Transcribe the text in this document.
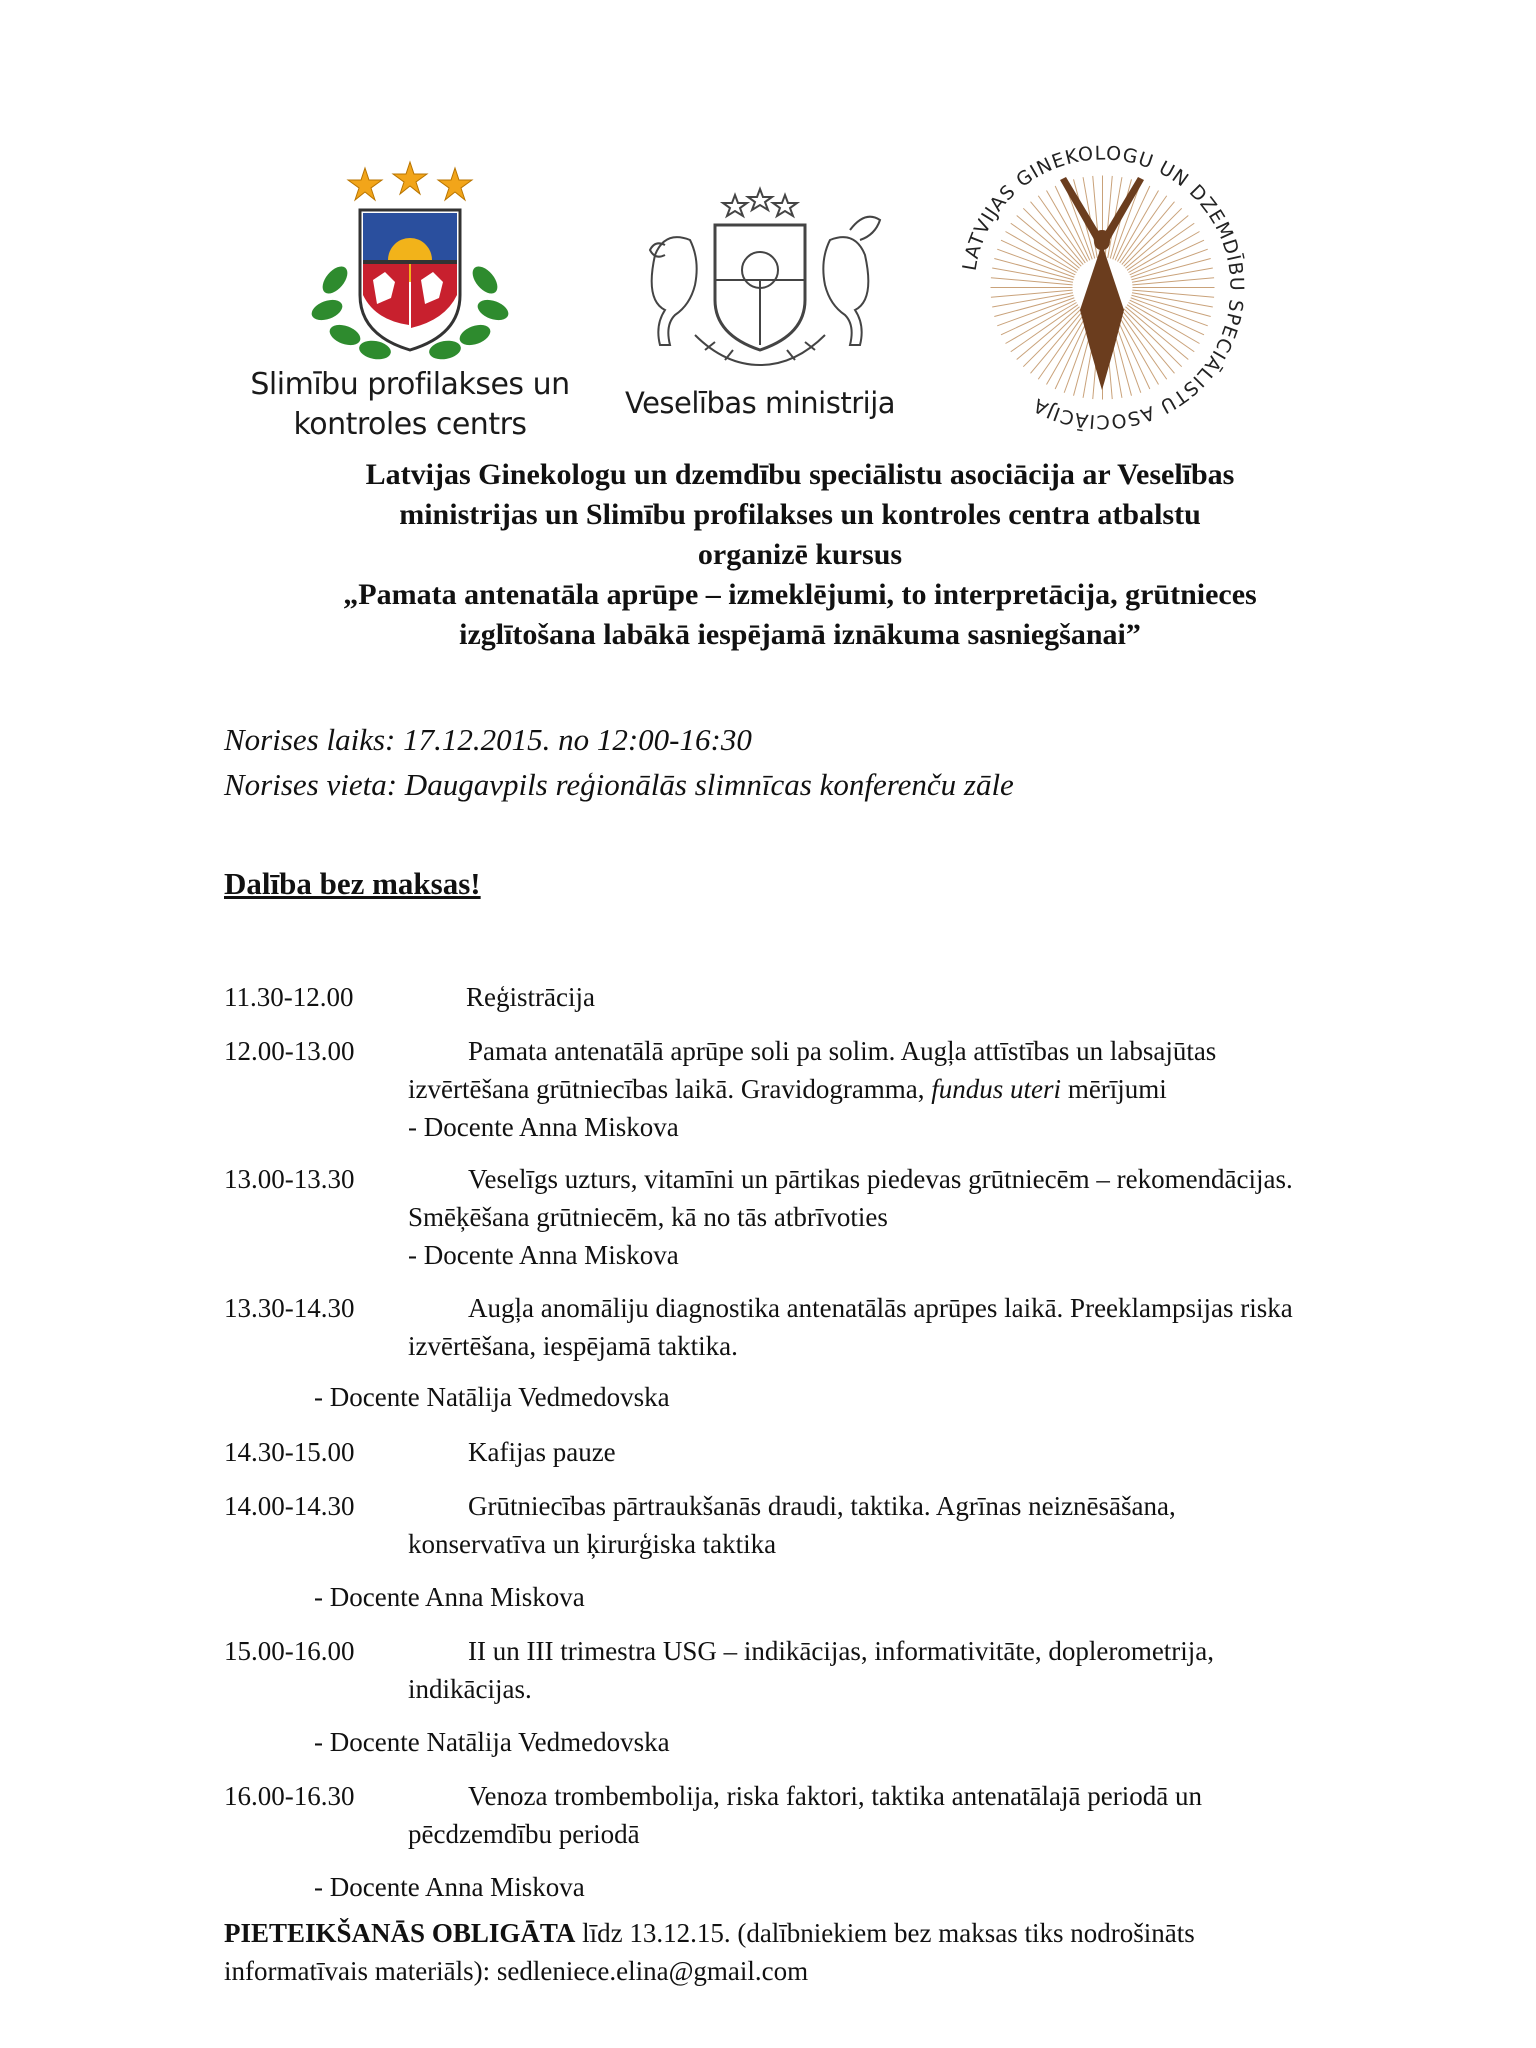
Slimību profilakses un
kontroles centrs
Veselības ministrija
LATVIJAS GINEKOLOGU UN DZEMDĪBU SPECIĀLISTU ASOCIĀCIJA
Latvijas Ginekologu un dzemdību speciālistu asociācija ar Veselības
ministrijas un Slimību profilakses un kontroles centra atbalstu
organizē kursus
„Pamata antenatāla aprūpe – izmeklējumi, to interpretācija, grūtnieces
izglītošana labākā iespējamā iznākuma sasniegšanai”
Norises laiks: 17.12.2015. no 12:00-16:30
Norises vieta: Daugavpils reģionālās slimnīcas konferenču zāle
Dalība bez maksas!
11.30-12.00	Reģistrācija
12.00-13.00	Pamata antenatālā aprūpe soli pa solim. Augļa attīstības un labsajūtas
izvērtēšana grūtniecības laikā. Gravidogramma, fundus uteri mērījumi
- Docente Anna Miskova
13.00-13.30	Veselīgs uzturs, vitamīni un pārtikas piedevas grūtniecēm – rekomendācijas.
Smēķēšana grūtniecēm, kā no tās atbrīvoties
- Docente Anna Miskova
13.30-14.30	Augļa anomāliju diagnostika antenatālās aprūpes laikā. Preeklampsijas riska
izvērtēšana, iespējamā taktika.
- Docente Natālija Vedmedovska
14.30-15.00	Kafijas pauze
14.00-14.30	Grūtniecības pārtraukšanās draudi, taktika. Agrīnas neiznēsāšana,
konservatīva un ķirurģiska taktika
- Docente Anna Miskova
15.00-16.00	II un III trimestra USG – indikācijas, informativitāte, doplerometrija,
indikācijas.
- Docente Natālija Vedmedovska
16.00-16.30	Venoza trombembolija, riska faktori, taktika antenatālajā periodā un
pēcdzemdību periodā
- Docente Anna Miskova
PIETEIKŠANĀS OBLIGĀTA līdz 13.12.15. (dalībniekiem bez maksas tiks nodrošināts
informatīvais materiāls): sedleniece.elina@gmail.com
